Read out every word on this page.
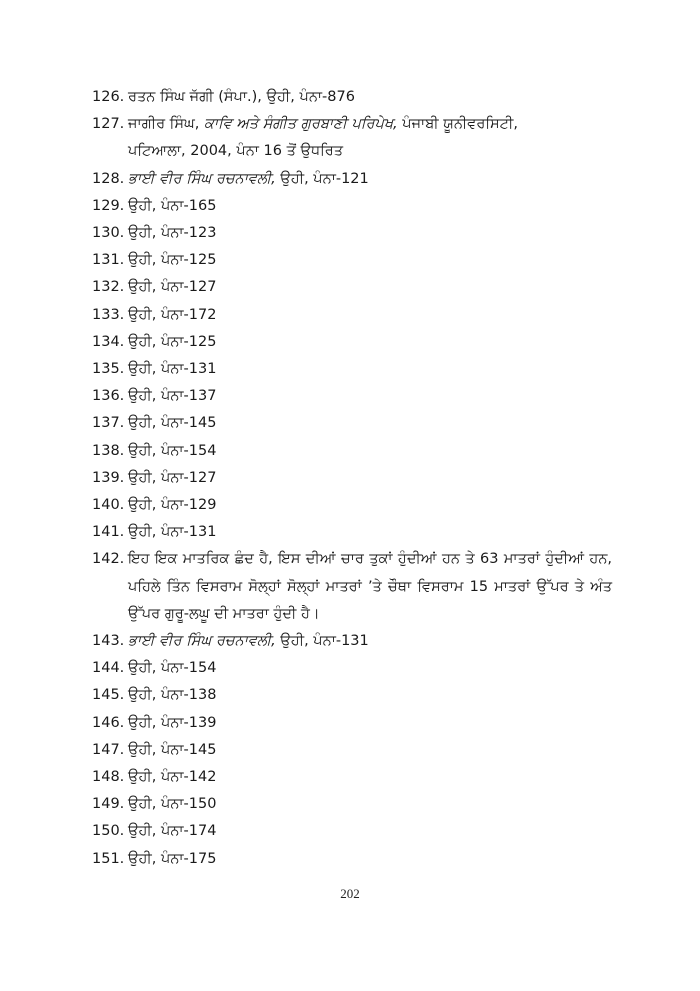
126. ਰਤਨ ਸਿੰਘ ਜੱਗੀ (ਸੰਪਾ.), ਉਹੀ, ਪੰਨਾ-876
127. ਜਾਗੀਰ ਸਿੰਘ, ਕਾਵਿ ਅਤੇ ਸੰਗੀਤ ਗੁਰਬਾਣੀ ਪਰਿਪੇਖ, ਪੰਜਾਬੀ ਯੂਨੀਵਰਸਿਟੀ,
ਪਟਿਆਲਾ, 2004, ਪੰਨਾ 16 ਤੋਂ ਉਧਰਿਤ
128. ਭਾਈ ਵੀਰ ਸਿੰਘ ਰਚਨਾਵਲੀ, ਉਹੀ, ਪੰਨਾ-121
129. ਉਹੀ, ਪੰਨਾ-165
130. ਉਹੀ, ਪੰਨਾ-123
131. ਉਹੀ, ਪੰਨਾ-125
132. ਉਹੀ, ਪੰਨਾ-127
133. ਉਹੀ, ਪੰਨਾ-172
134. ਉਹੀ, ਪੰਨਾ-125
135. ਉਹੀ, ਪੰਨਾ-131
136. ਉਹੀ, ਪੰਨਾ-137
137. ਉਹੀ, ਪੰਨਾ-145
138. ਉਹੀ, ਪੰਨਾ-154
139. ਉਹੀ, ਪੰਨਾ-127
140. ਉਹੀ, ਪੰਨਾ-129
141. ਉਹੀ, ਪੰਨਾ-131
142. ਇਹ ਇਕ ਮਾਤਰਿਕ ਛੰਦ ਹੈ, ਇਸ ਦੀਆਂ ਚਾਰ ਤੁਕਾਂ ਹੁੰਦੀਆਂ ਹਨ ਤੇ 63 ਮਾਤਰਾਂ ਹੁੰਦੀਆਂ ਹਨ, ਪਹਿਲੇ ਤਿੰਨ ਵਿਸਰਾਮ ਸੋਲ੍ਹਾਂ ਸੋਲ੍ਹਾਂ ਮਾਤਰਾਂ ’ਤੇ ਚੌਥਾ ਵਿਸਰਾਮ 15 ਮਾਤਰਾਂ ਉੱਪਰ ਤੇ ਅੰਤ ਉੱਪਰ ਗੁਰੂ-ਲਘੂ ਦੀ ਮਾਤਰਾ ਹੁੰਦੀ ਹੈ।
143. ਭਾਈ ਵੀਰ ਸਿੰਘ ਰਚਨਾਵਲੀ, ਉਹੀ, ਪੰਨਾ-131
144. ਉਹੀ, ਪੰਨਾ-154
145. ਉਹੀ, ਪੰਨਾ-138
146. ਉਹੀ, ਪੰਨਾ-139
147. ਉਹੀ, ਪੰਨਾ-145
148. ਉਹੀ, ਪੰਨਾ-142
149. ਉਹੀ, ਪੰਨਾ-150
150. ਉਹੀ, ਪੰਨਾ-174
151. ਉਹੀ, ਪੰਨਾ-175
202
